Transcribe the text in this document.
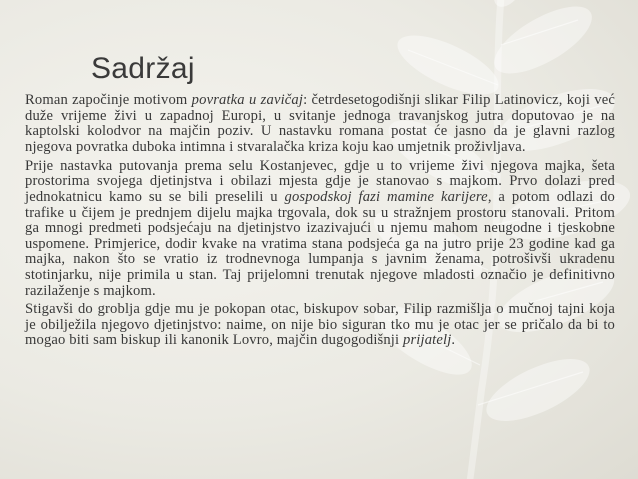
Sadržaj

Roman započinje motivom povratka u zavičaj: četrdesetogodišnji slikar Filip Latinovicz, koji već duže vrijeme živi u zapadnoj Europi, u svitanje jednoga travanjskog jutra doputovao je na kaptolski kolodvor na majčin poziv. U nastavku romana postat će jasno da je glavni razlog njegova povratka duboka intimna i stvaralačka kriza koju kao umjetnik proživljava.

Prije nastavka putovanja prema selu Kostanjevec, gdje u to vrijeme živi njegova majka, šeta prostorima svojega djetinjstva i obilazi mjesta gdje je stanovao s majkom. Prvo dolazi pred jednokatnicu kamo su se bili preselili u gospodskoj fazi mamine karijere, a potom odlazi do trafike u čijem je prednjem dijelu majka trgovala, dok su u stražnjem prostoru stanovali. Pritom ga mnogi predmeti podsjećaju na djetinjstvo izazivajući u njemu mahom neugodne i tjeskobne uspomene. Primjerice, dodir kvake na vratima stana podsjeća ga na jutro prije 23 godine kad ga majka, nakon što se vratio iz trodnevnoga lumpanja s javnim ženama, potrošivši ukradenu stotinjarku, nije primila u stan. Taj prijelomni trenutak njegove mladosti označio je definitivno razilaženje s majkom.

Stigavši do groblja gdje mu je pokopan otac, biskupov sobar, Filip razmišlja o mučnoj tajni koja je obilježila njegovo djetinjstvo: naime, on nije bio siguran tko mu je otac jer se pričalo da bi to mogao biti sam biskup ili kanonik Lovro, majčin dugogodišnji prijatelj.
